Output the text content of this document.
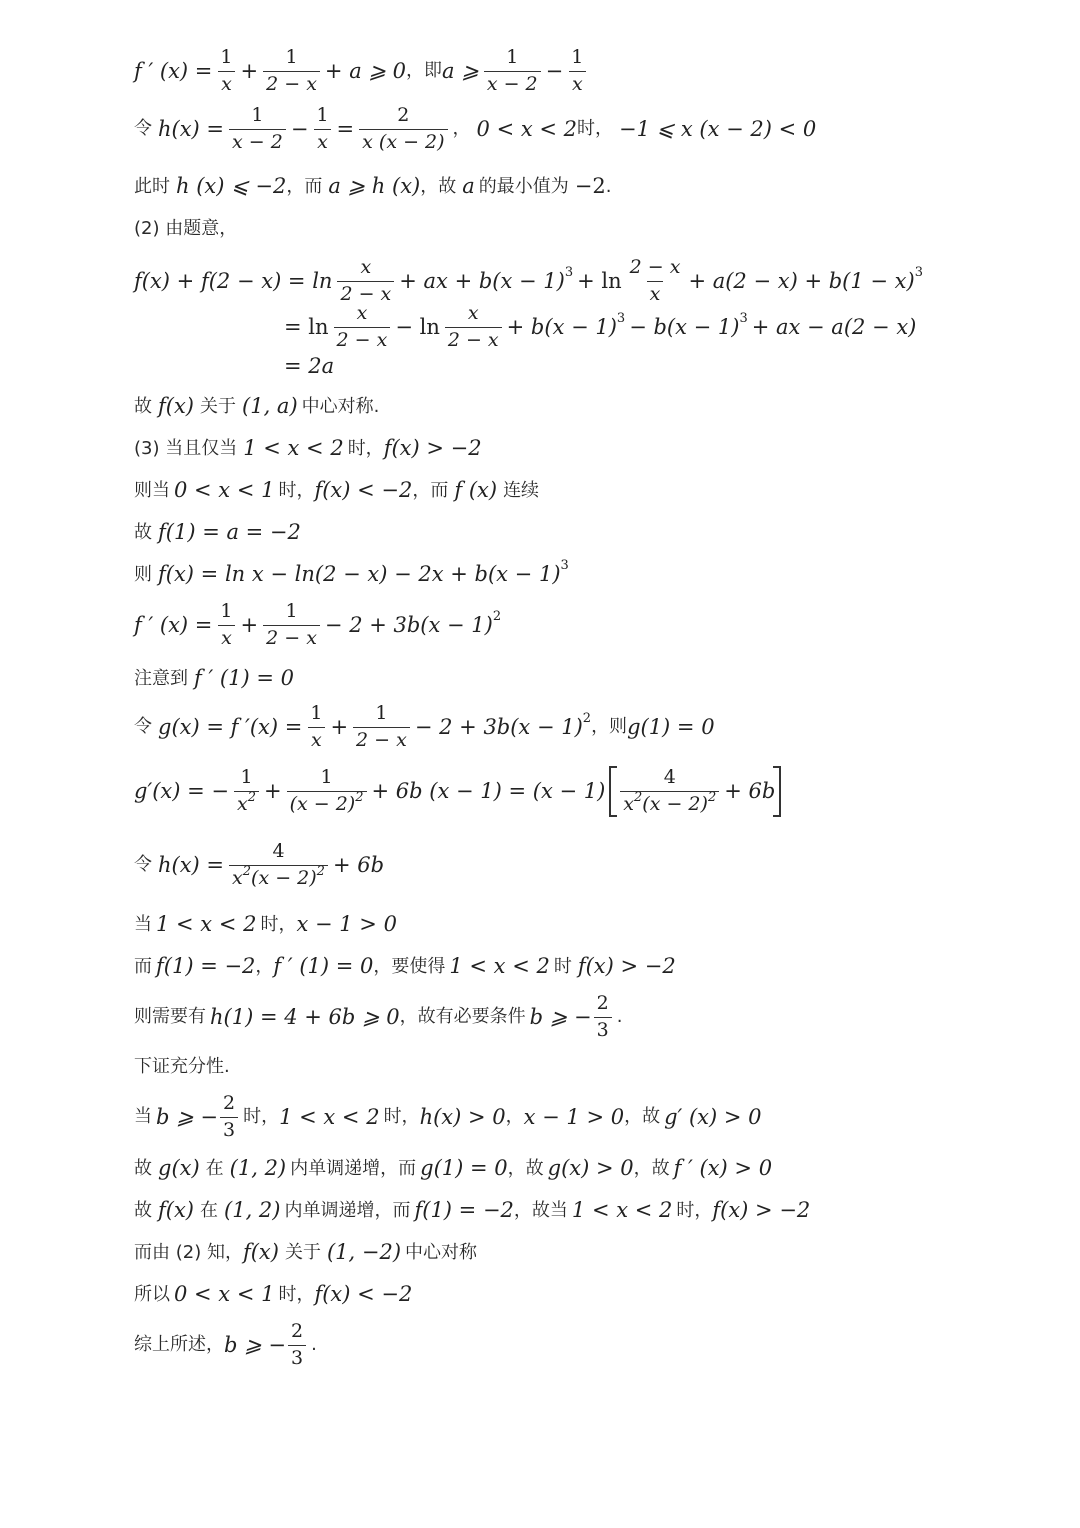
f ′ $(x) = \frac{1}{x} + \frac{1}{2 - x} + a$ ⩾ 0 ，即 a ⩾ $\frac{1}{x - 2} - \frac{1}{x}$
令 $h(x) = \frac{1}{x - 2} - \frac{1}{x} = \frac{2}{x (x - 2)}$ ， 0 < x < 2 时， −1 ⩽ x (x − 2) < 0
此时 h (x) ⩽ −2 ，而 a ⩾ h (x) ，故 a 的最小值为 −2 .
(2) 由题意，
$f(x) + f(2 - x) = \ln \frac{x}{2 - x}$ + ax + $b(x - 1)^3 + \ln \frac{2 - x}{x} + a(2 - x) + b(1 - x)^3$
= $\ln \frac{x}{2 - x} - \ln \frac{x}{2 - x} + b(x - 1)^3 - b(x - 1)^3$ + ax − a(2 − x)
= 2a
故 f(x) 关于 (1, a) 中心对称.
(3) 当且仅当 1 < x < 2 时， f(x) > −2
则当 0 < x < 1 时， f(x) < −2 ，而 f (x) 连续
故 f(1) = a = −2
则 $f(x) = \ln x - \ln(2 - x) - 2x + b(x - 1)^3$
f ′ $(x) = \frac{1}{x} + \frac{1}{2 - x} - 2 + 3b(x - 1)^2$
注意到 f ′ (1) = 0
令 g(x) = f $'(x) = \frac{1}{x} + \frac{1}{2 - x} - 2 + 3b(x - 1)^2$ ，则 g(1) = 0
g′(x) = − $\frac{1}{x^2} + \frac{1}{(x - 2)^2} + 6b$ $(x - 1) = (x - 1) \frac{4}{x^2(x - 2)^2} + 6b$
令 $h(x) = \frac{4}{x^2(x - 2)^2} + 6b$
当 1 < x < 2 时， x − 1 > 0
而 f(1) = −2 ， f ′ (1) = 0 ，要使得 1 < x < 2 时 f(x) > −2
则需要有 h(1) = 4 + 6b ⩾ 0 ，故有必要条件 b ⩾ − $\frac{2}{3}$ .
下证充分性.
当 b ⩾ − $\frac{2}{3}$ 时， 1 < x < 2 时， h(x) > 0 ， x − 1 > 0 ，故 g′ (x) > 0
故 g(x) 在 (1, 2) 内单调递增，而 g(1) = 0 ，故 g(x) > 0 ，故 f ′ (x) > 0
故 f(x) 在 (1, 2) 内单调递增，而 f(1) = −2 ，故当 1 < x < 2 时， f(x) > −2
而由 (2) 知， f(x) 关于 (1, −2) 中心对称
所以 0 < x < 1 时， f(x) < −2
综上所述， b ⩾ − $\frac{2}{3}$ .
